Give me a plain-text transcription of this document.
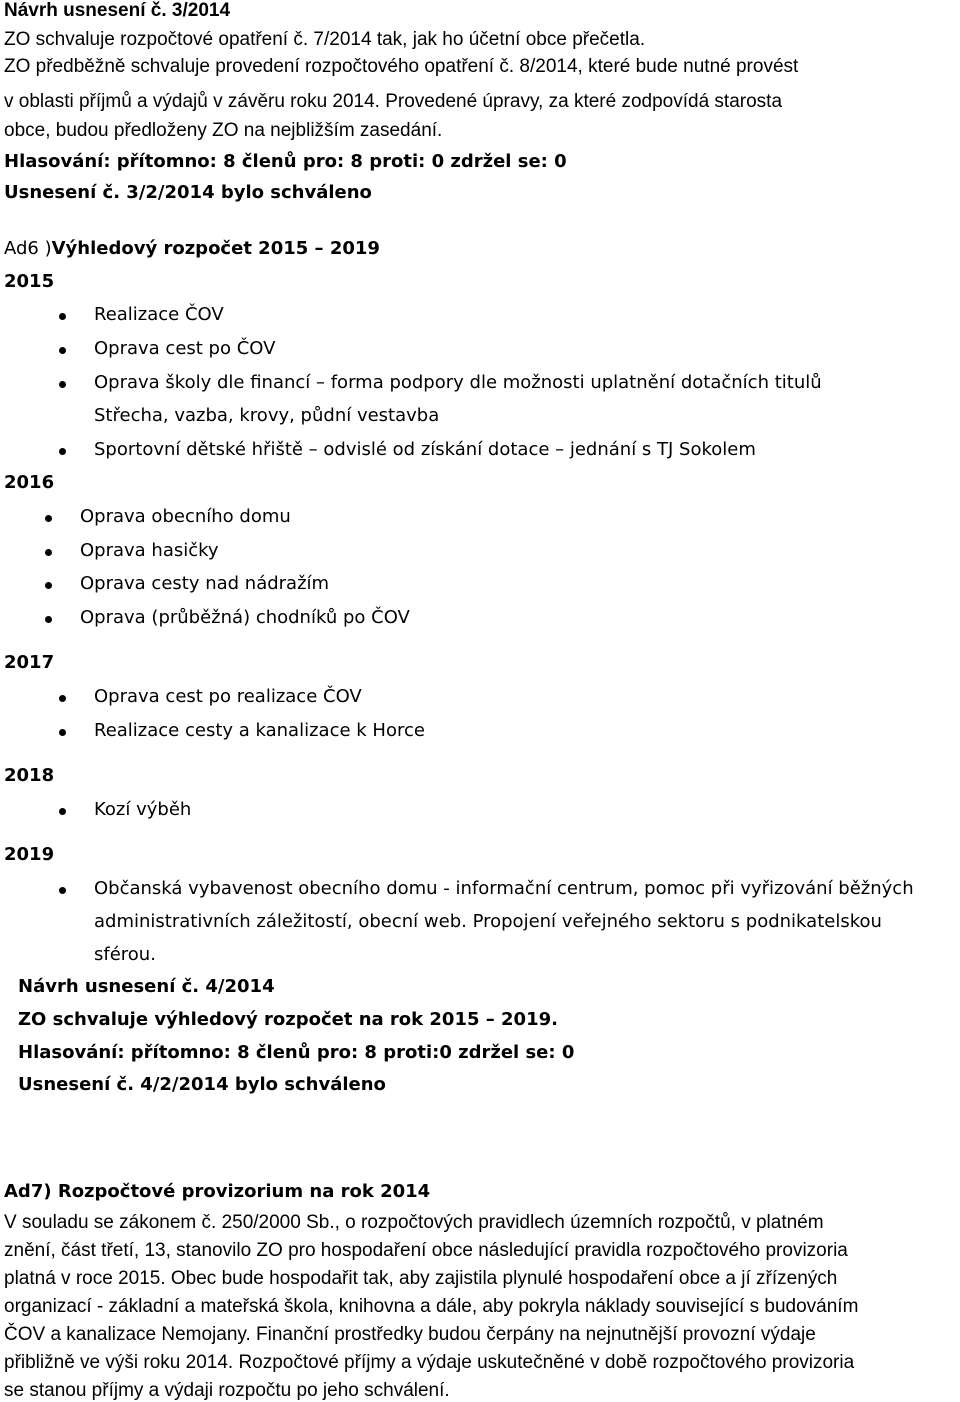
Návrh usnesení č. 3/2014
ZO schvaluje rozpočtové opatření č. 7/2014 tak, jak ho účetní obce přečetla.
ZO předběžně schvaluje provedení rozpočtového opatření č. 8/2014, které bude nutné provést
v oblasti příjmů a výdajů v závěru roku 2014. Provedené úpravy, za které zodpovídá starosta
obce, budou předloženy ZO na nejbližším zasedání.
Hlasování: přítomno: 8 členů pro: 8 proti: 0 zdržel se: 0
Usnesení č. 3/2/2014 bylo schváleno
Ad6 )Výhledový rozpočet 2015 – 2019
2015
Realizace ČOV
Oprava cest po ČOV
Oprava školy dle financí – forma podpory dle možnosti uplatnění dotačních titulů
Střecha, vazba, krovy, půdní vestavba
Sportovní dětské hřiště – odvislé od získání dotace – jednání s TJ Sokolem
2016
Oprava obecního domu
Oprava hasičky
Oprava cesty nad nádražím
Oprava (průběžná) chodníků po ČOV
2017
Oprava cest po realizace ČOV
Realizace cesty a kanalizace k Horce
2018
Kozí výběh
2019
Občanská vybavenost obecního domu - informační centrum, pomoc při vyřizování běžných
administrativních záležitostí, obecní web. Propojení veřejného sektoru s podnikatelskou
sférou.
Návrh usnesení č. 4/2014
ZO schvaluje výhledový rozpočet na rok 2015 – 2019.
Hlasování: přítomno: 8 členů pro: 8 proti:0 zdržel se: 0
Usnesení č. 4/2/2014 bylo schváleno
Ad7) Rozpočtové provizorium na rok 2014
V souladu se zákonem č. 250/2000 Sb., o rozpočtových pravidlech územních rozpočtů, v platném
znění, část třetí, 13, stanovilo ZO pro hospodaření obce následující pravidla rozpočtového provizoria
platná v roce 2015. Obec bude hospodařit tak, aby zajistila plynulé hospodaření obce a jí zřízených
organizací - základní a mateřská škola, knihovna a dále, aby pokryla náklady související s budováním
ČOV a kanalizace Nemojany. Finanční prostředky budou čerpány na nejnutnější provozní výdaje
přibližně ve výši roku 2014. Rozpočtové příjmy a výdaje uskutečněné v době rozpočtového provizoria
se stanou příjmy a výdaji rozpočtu po jeho schválení.
